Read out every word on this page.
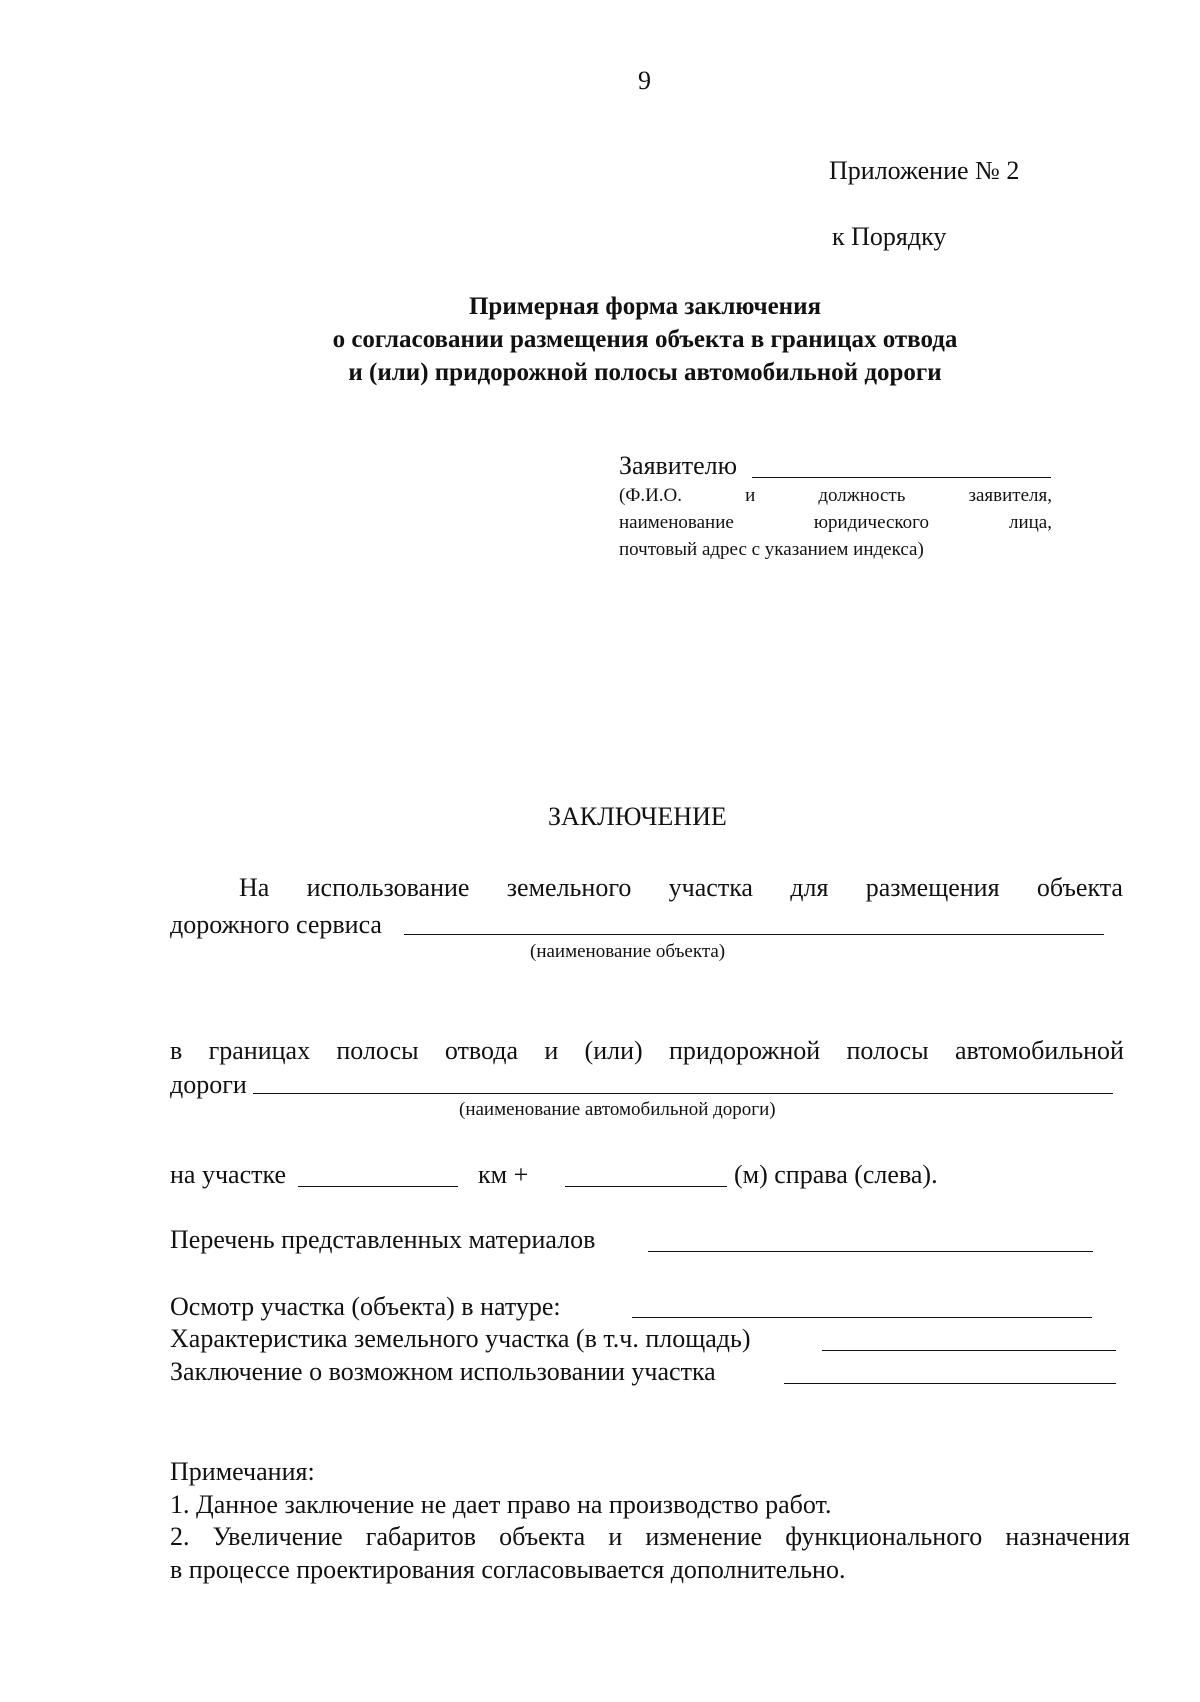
9
Приложение № 2
к Порядку
Примерная форма заключения
о согласовании размещения объекта в границах отвода
и (или) придорожной полосы автомобильной дороги
Заявителю
(Ф.И.О.	и	должность	заявителя,
наименование	юридического	лица,
почтовый адрес с указанием индекса)
ЗАКЛЮЧЕНИЕ
На использование земельного участка для размещения объекта
дорожного сервиса
(наименование объекта)
в границах полосы отвода и (или) придорожной полосы автомобильной
дороги
(наименование автомобильной дороги)
на участке	км +	(м) справа (слева).
Перечень представленных материалов
Осмотр участка (объекта) в натуре:
Характеристика земельного участка (в т.ч. площадь)
Заключение о возможном использовании участка
Примечания:
1. Данное заключение не дает право на производство работ.
2. Увеличение габаритов объекта и изменение функционального назначения
в процессе проектирования согласовывается дополнительно.
